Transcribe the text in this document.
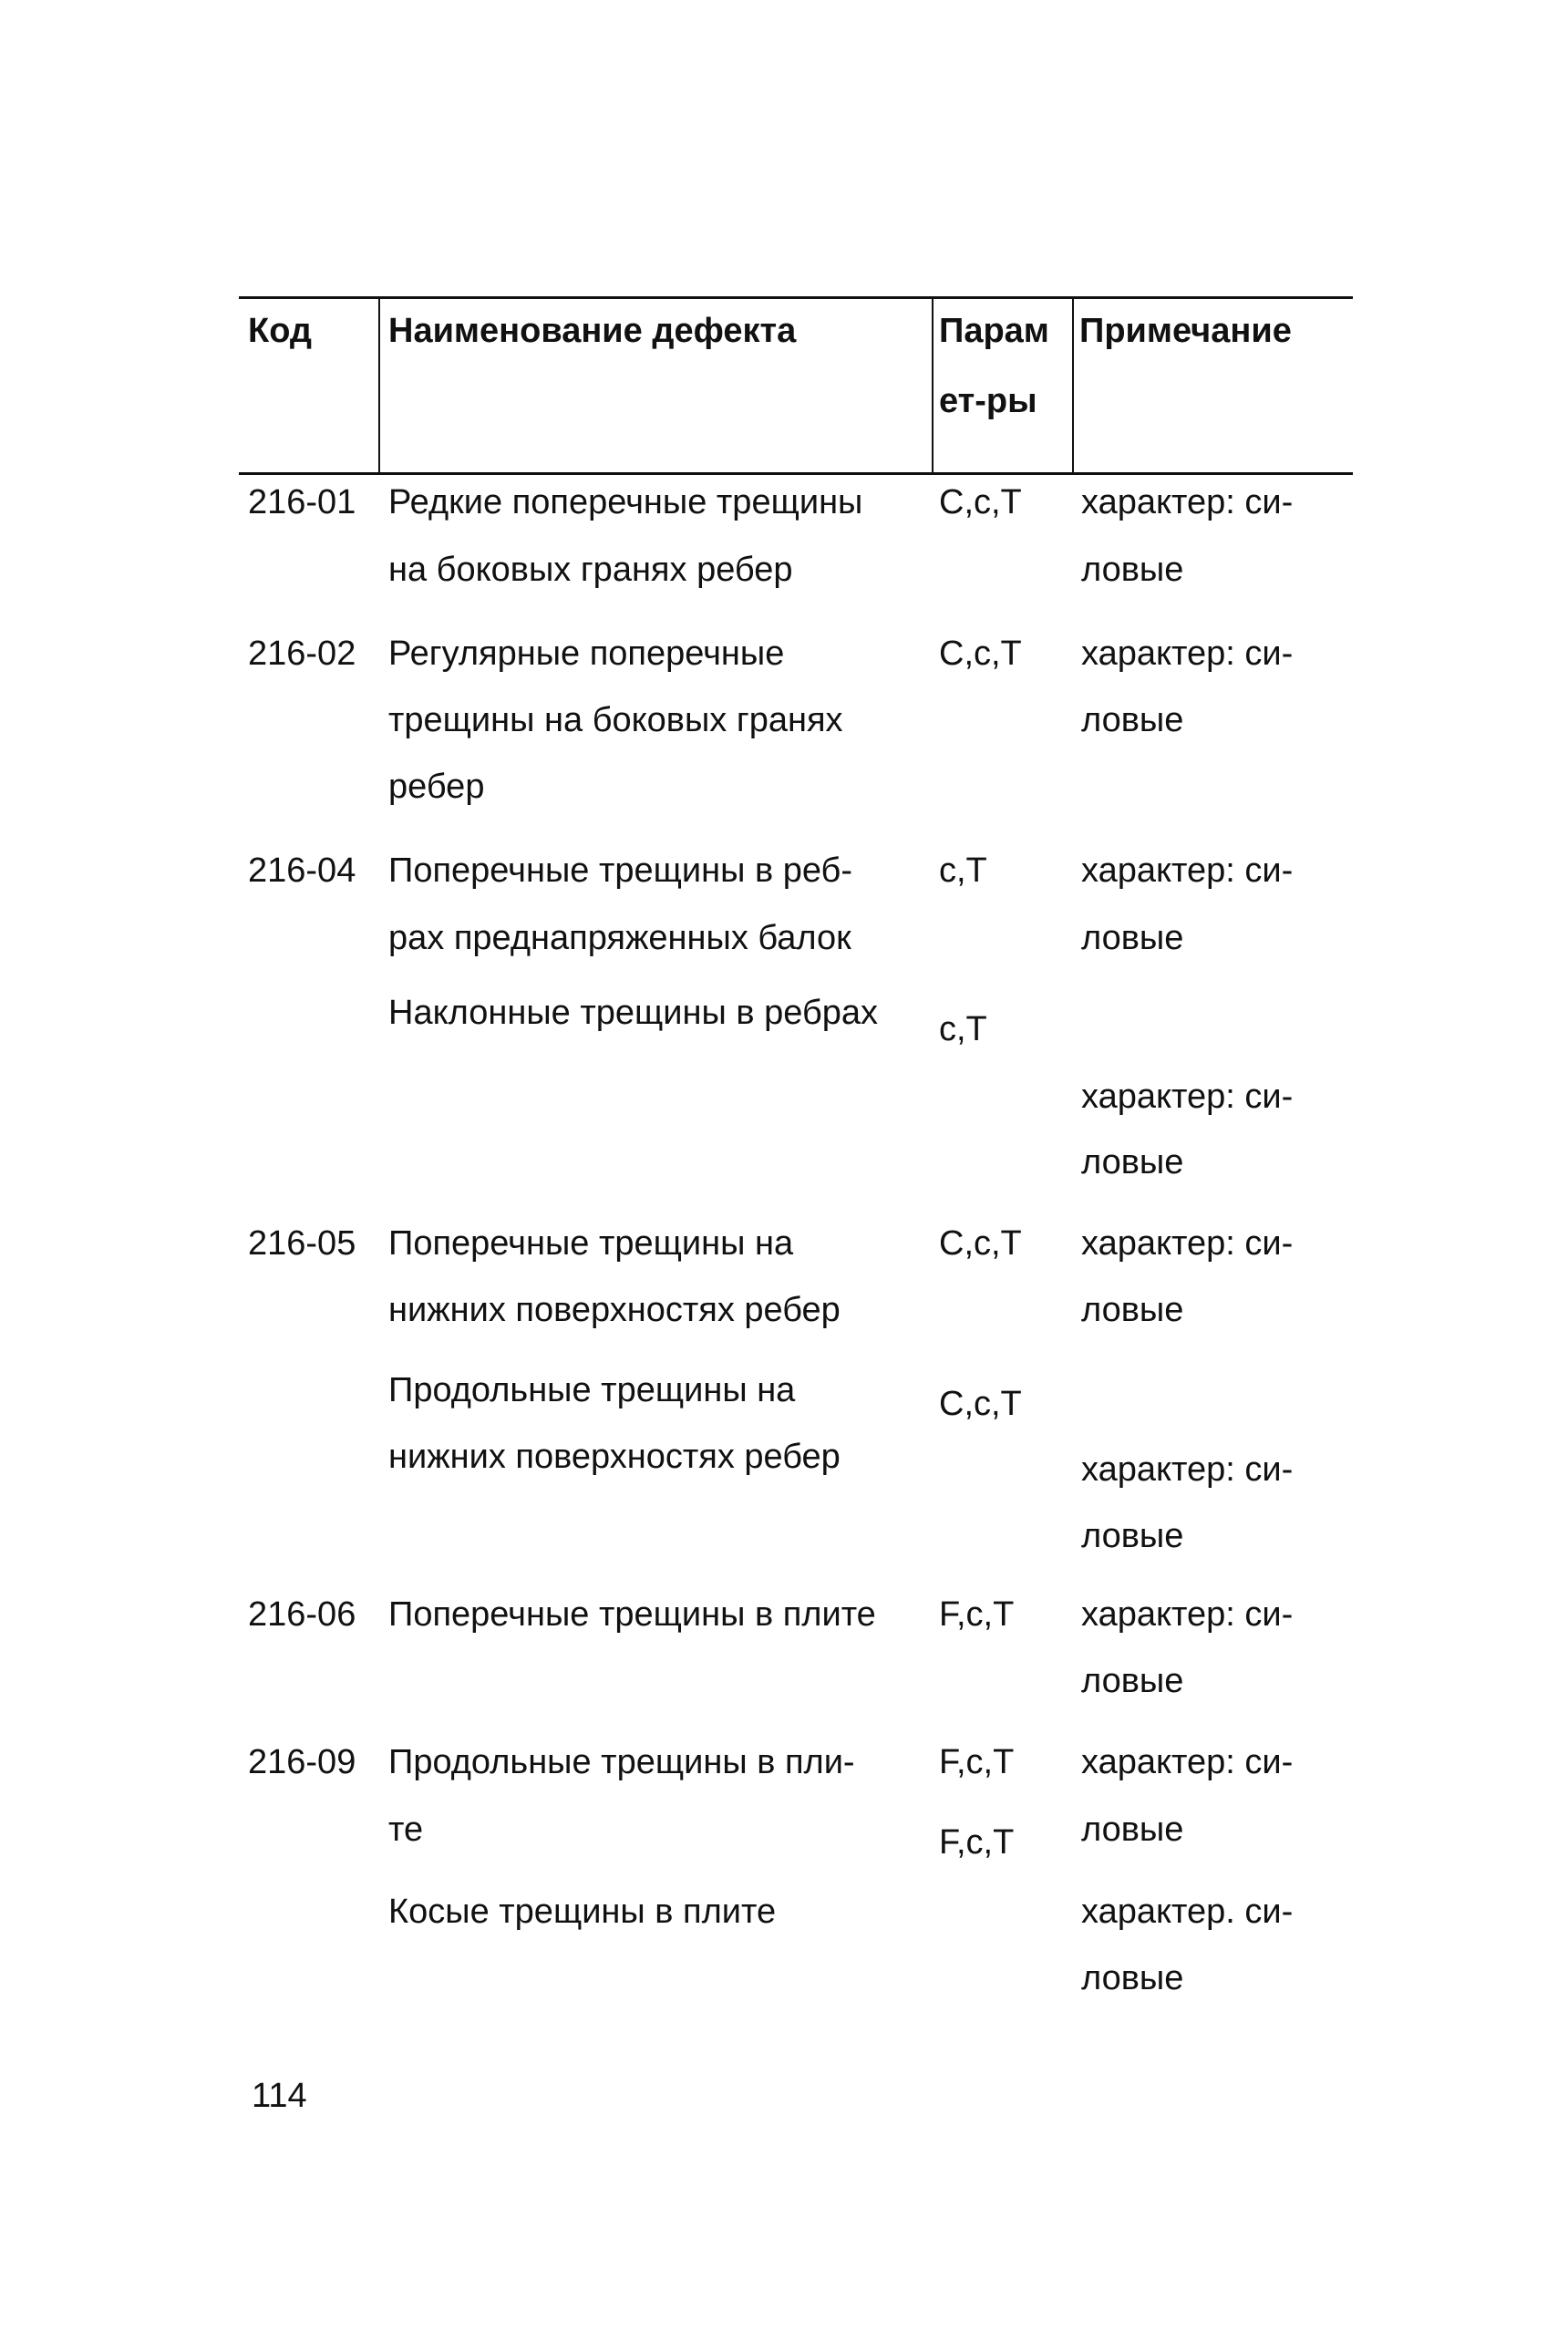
Код Наименование дефекта	Парам
ет-ры
Примечание
216-01 Редкие поперечные трещины
на боковых гранях ребер
С,с,Т характер: си-
ловые
216-02 Регулярные поперечные
трещины на боковых гранях
ребер
С,с,Т характер: си-
ловые
216-04 Поперечные трещины в реб-
рах преднапряженных балок
с,Т	характер: си-
ловые
Наклонные трещины в ребрах с,Т
характер: си-
ловые
216-05 Поперечные трещины на
нижних поверхностях ребер
С,с,Т характер: си-
ловые
Продольные трещины на
нижних поверхностях ребер
С,с,Т
характер: си-
ловые
216-06 Поперечные трещины в плите F,с,Т характер: си-
ловые
216-09 Продольные трещины в пли-
те
F,с,Т характер: си-
ловые
Косые трещины в плите
F,с,Т
характер. си-
ловые
114
